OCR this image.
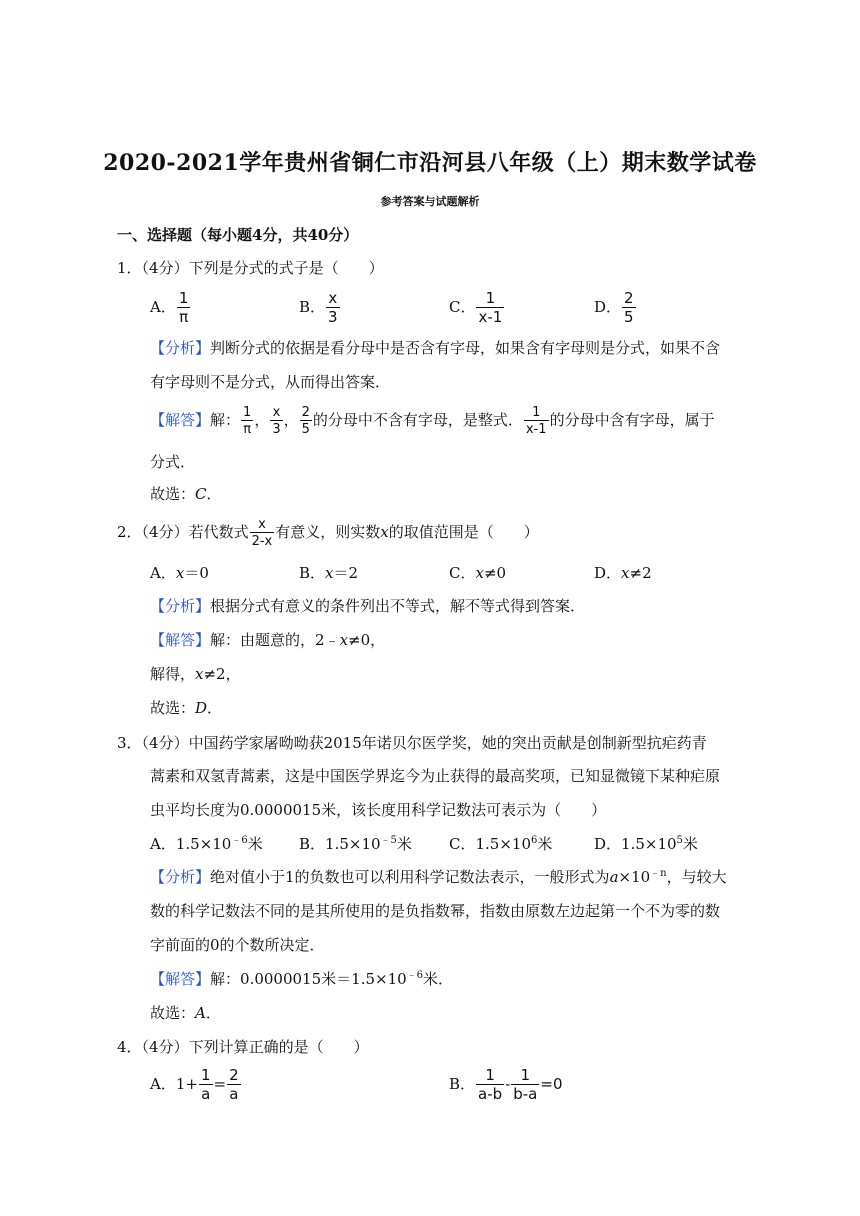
2020-2021学年贵州省铜仁市沿河县八年级（上）期末数学试卷
参考答案与试题解析
一、选择题（每小题4分，共40分）
1．（4分）下列是分式的式子是（　　）
A． $\frac{1}{\pi}$	B． $\frac{x}{3}$	C． $\frac{1}{x-1}$	D． $\frac{2}{5}$
【分析】判断分式的依据是看分母中是否含有字母，如果含有字母则是分式，如果不含
有字母则不是分式，从而得出答案．
【解答】解： $\frac{1}{\pi}$ ， $\frac{x}{3}$ ， $\frac{2}{5}$ 的分母中不含有字母，是整式． $\frac{1}{x-1}$ 的分母中含有字母，属于
分式．
故选：C．
2．（4分）若代数式 $\frac{x}{2-x}$ 有意义，则实数x的取值范围是（　　）
A．x＝0	B．x＝2	C．x≠0	D．x≠2
【分析】根据分式有意义的条件列出不等式，解不等式得到答案．
【解答】解：由题意的，2﹣x≠0，
解得，x≠2，
故选：D．
3．（4分）中国药学家屠呦呦获2015年诺贝尔医学奖，她的突出贡献是创制新型抗疟药青
蒿素和双氢青蒿素，这是中国医学界迄今为止获得的最高奖项，已知显微镜下某种疟原
虫平均长度为0.0000015米，该长度用科学记数法可表示为（　　）
A．$1.5\times 10^{﹣6}$米 B．$1.5\times 10^{﹣5}$米 C．$1.5\times 10^6$米	D．$1.5\times 10^5$米
【分析】绝对值小于1的负数也可以利用科学记数法表示，一般形式为$a\times 10^{﹣n}$，与较大
数的科学记数法不同的是其所使用的是负指数幂，指数由原数左边起第一个不为零的数
字前面的0的个数所决定．
【解答】解：0.0000015米$=1.5\times 10^{﹣6}$米．
故选：A．
4．（4分）下列计算正确的是（　　）
A．$1+ \frac{1}{a} = \frac{2}{a}$	B． $\frac{1}{a-b} - \frac{1}{b-a} =0$
